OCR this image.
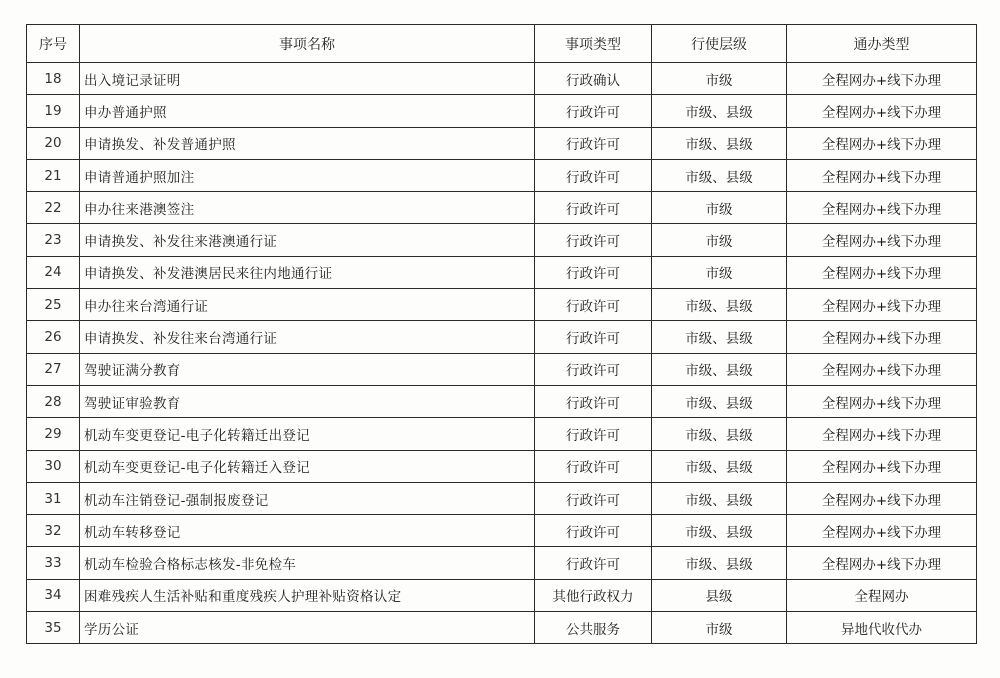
序号	事项名称	事项类型	行使层级	通办类型
18	出入境记录证明	行政确认	市级	全程网办+线下办理
19	申办普通护照	行政许可	市级、县级	全程网办+线下办理
20	申请换发、补发普通护照	行政许可	市级、县级	全程网办+线下办理
21	申请普通护照加注	行政许可	市级、县级	全程网办+线下办理
22	申办往来港澳签注	行政许可	市级	全程网办+线下办理
23	申请换发、补发往来港澳通行证	行政许可	市级	全程网办+线下办理
24	申请换发、补发港澳居民来往内地通行证	行政许可	市级	全程网办+线下办理
25	申办往来台湾通行证	行政许可	市级、县级	全程网办+线下办理
26	申请换发、补发往来台湾通行证	行政许可	市级、县级	全程网办+线下办理
27	驾驶证满分教育	行政许可	市级、县级	全程网办+线下办理
28	驾驶证审验教育	行政许可	市级、县级	全程网办+线下办理
29	机动车变更登记-电子化转籍迁出登记	行政许可	市级、县级	全程网办+线下办理
30	机动车变更登记-电子化转籍迁入登记	行政许可	市级、县级	全程网办+线下办理
31	机动车注销登记-强制报废登记	行政许可	市级、县级	全程网办+线下办理
32	机动车转移登记	行政许可	市级、县级	全程网办+线下办理
33	机动车检验合格标志核发-非免检车	行政许可	市级、县级	全程网办+线下办理
34	困难残疾人生活补贴和重度残疾人护理补贴资格认定	其他行政权力	县级	全程网办
35	学历公证	公共服务	市级	异地代收代办
